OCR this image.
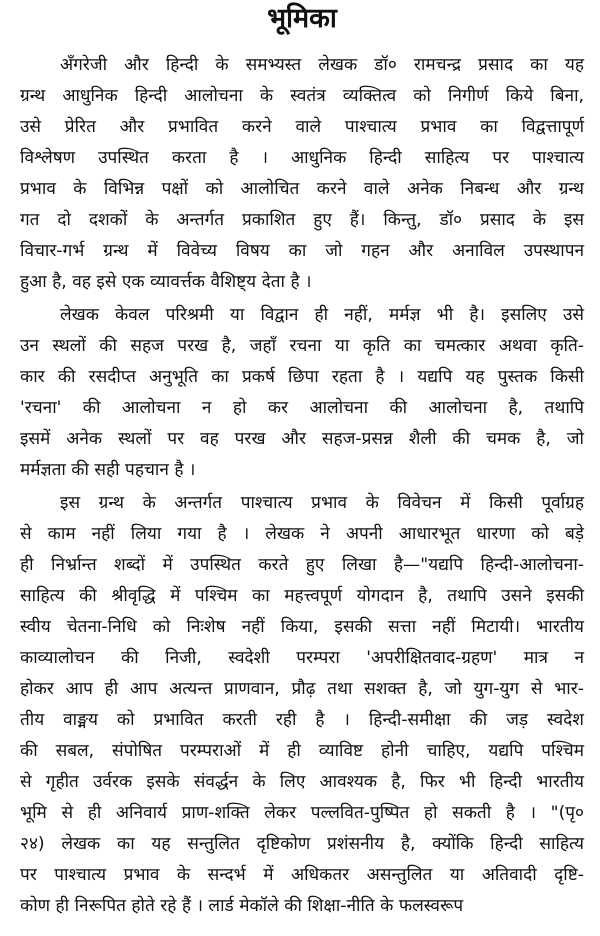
भूमिका
अँगरेजी और हिन्दी के समभ्यस्त लेखक डॉ० रामचन्द्र प्रसाद का यह
ग्रन्थ आधुनिक हिन्दी आलोचना के स्वतंत्र व्यक्तित्व को निगीर्ण किये बिना,
उसे प्रेरित और प्रभावित करने वाले पाश्चात्य प्रभाव का विद्वत्तापूर्ण
विश्लेषण उपस्थित करता है । आधुनिक हिन्दी साहित्य पर पाश्चात्य
प्रभाव के विभिन्न पक्षों को आलोचित करने वाले अनेक निबन्ध और ग्रन्थ
गत दो दशकों के अन्तर्गत प्रकाशित हुए हैं। किन्तु, डॉ० प्रसाद के इस
विचार-गर्भ ग्रन्थ में विवेच्य विषय का जो गहन और अनाविल उपस्थापन
हुआ है, वह इसे एक व्यावर्त्तक वैशिष्ट्य देता है ।
लेखक केवल परिश्रमी या विद्वान ही नहीं, मर्मज्ञ भी है। इसलिए उसे
उन स्थलों की सहज परख है, जहाँ रचना या कृति का चमत्कार अथवा कृति-
कार की रसदीप्त अनुभूति का प्रकर्ष छिपा रहता है । यद्यपि यह पुस्तक किसी
'रचना' की आलोचना न हो कर आलोचना की आलोचना है, तथापि
इसमें अनेक स्थलों पर वह परख और सहज-प्रसन्न शैली की चमक है, जो
मर्मज्ञता की सही पहचान है ।
इस ग्रन्थ के अन्तर्गत पाश्चात्य प्रभाव के विवेचन में किसी पूर्वाग्रह
से काम नहीं लिया गया है । लेखक ने अपनी आधारभूत धारणा को बड़े
ही निर्भ्रान्त शब्दों में उपस्थित करते हुए लिखा है—"यद्यपि हिन्दी-आलोचना-
साहित्य की श्रीवृद्धि में पश्चिम का महत्त्वपूर्ण योगदान है, तथापि उसने इसकी
स्वीय चेतना-निधि को निःशेष नहीं किया, इसकी सत्ता नहीं मिटायी। भारतीय
काव्यालोचन की निजी, स्वदेशी परम्परा 'अपरीक्षितवाद-ग्रहण' मात्र न
होकर आप ही आप अत्यन्त प्राणवान, प्रौढ़ तथा सशक्त है, जो युग-युग से भार-
तीय वाङ्मय को प्रभावित करती रही है । हिन्दी-समीक्षा की जड़ स्वदेश
की सबल, संपोषित परम्पराओं में ही व्याविष्ट होनी चाहिए, यद्यपि पश्चिम
से गृहीत उर्वरक इसके संवर्द्धन के लिए आवश्यक है, फिर भी हिन्दी भारतीय
भूमि से ही अनिवार्य प्राण-शक्ति लेकर पल्लवित-पुष्पित हो सकती है । "(पृ०
२४) लेखक का यह सन्तुलित दृष्टिकोण प्रशंसनीय है, क्योंकि हिन्दी साहित्य
पर पाश्चात्य प्रभाव के सन्दर्भ में अधिकतर असन्तुलित या अतिवादी दृष्टि-
कोण ही निरूपित होते रहे हैं । लार्ड मेकॉले की शिक्षा-नीति के फलस्वरूप
